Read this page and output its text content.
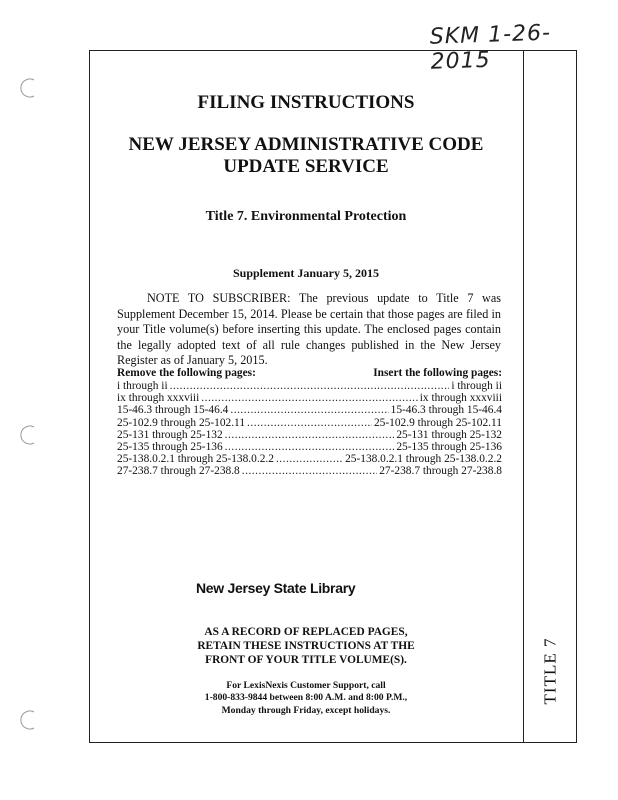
SKM 1-26-2015
TITLE 7
FILING INSTRUCTIONS
NEW JERSEY ADMINISTRATIVE CODE
UPDATE SERVICE
Title 7. Environmental Protection
Supplement January 5, 2015
NOTE TO SUBSCRIBER: The previous update to Title 7 was Supplement December 15, 2014. Please be certain that those pages are filed in your Title volume(s) before inserting this update. The enclosed pages contain the legally adopted text of all rule changes published in the New Jersey Register as of January 5, 2015.
Remove the following pages:	Insert the following pages:
i through ii .....	i through ii
ix through xxxviii .....	ix through xxxviii
15-46.3 through 15-46.4 .....	15-46.3 through 15-46.4
25-102.9 through 25-102.11 .....	25-102.9 through 25-102.11
25-131 through 25-132 .....	25-131 through 25-132
25-135 through 25-136 .....	25-135 through 25-136
25-138.0.2.1 through 25-138.0.2.2 .....	25-138.0.2.1 through 25-138.0.2.2
27-238.7 through 27-238.8 .....	27-238.7 through 27-238.8
New Jersey State Library
AS A RECORD OF REPLACED PAGES,
RETAIN THESE INSTRUCTIONS AT THE
FRONT OF YOUR TITLE VOLUME(S).
For LexisNexis Customer Support, call
1-800-833-9844 between 8:00 A.M. and 8:00 P.M.,
Monday through Friday, except holidays.
